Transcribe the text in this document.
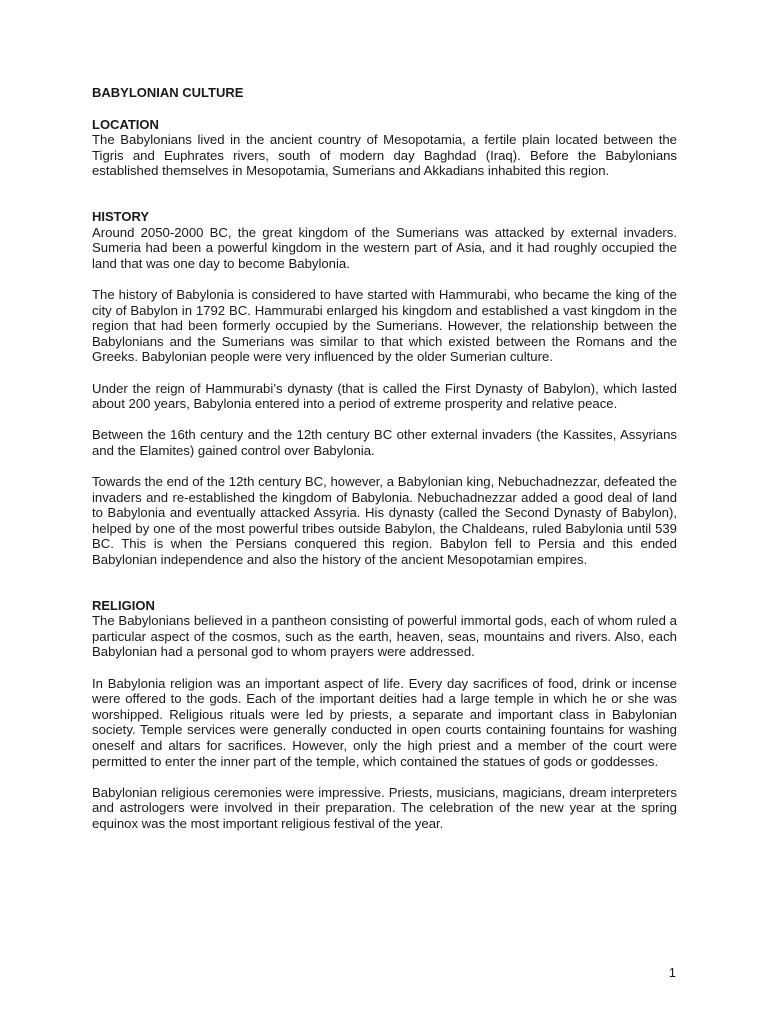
BABYLONIAN CULTURE
LOCATION

The Babylonians lived in the ancient country of Mesopotamia, a fertile plain located between the Tigris and Euphrates rivers, south of modern day Baghdad (Iraq). Before the Babylonians established themselves in Mesopotamia, Sumerians and Akkadians inhabited this region.

HISTORY

Around 2050-2000 BC, the great kingdom of the Sumerians was attacked by external invaders. Sumeria had been a powerful kingdom in the western part of Asia, and it had roughly occupied the land that was one day to become Babylonia.

The history of Babylonia is considered to have started with Hammurabi, who became the king of the city of Babylon in 1792 BC. Hammurabi enlarged his kingdom and established a vast kingdom in the region that had been formerly occupied by the Sumerians. However, the relationship between the Babylonians and the Sumerians was similar to that which existed between the Romans and the Greeks. Babylonian people were very influenced by the older Sumerian culture.

Under the reign of Hammurabi’s dynasty (that is called the First Dynasty of Babylon), which lasted about 200 years, Babylonia entered into a period of extreme prosperity and relative peace.

Between the 16th century and the 12th century BC other external invaders (the Kassites, Assyrians and the Elamites) gained control over Babylonia.

Towards the end of the 12th century BC, however, a Babylonian king, Nebuchadnezzar, defeated the invaders and re-established the kingdom of Babylonia. Nebuchadnezzar added a good deal of land to Babylonia and eventually attacked Assyria. His dynasty (called the Second Dynasty of Babylon), helped by one of the most powerful tribes outside Babylon, the Chaldeans, ruled Babylonia until 539 BC. This is when the Persians conquered this region. Babylon fell to Persia and this ended Babylonian independence and also the history of the ancient Mesopotamian empires.

RELIGION

The Babylonians believed in a pantheon consisting of powerful immortal gods, each of whom ruled a particular aspect of the cosmos, such as the earth, heaven, seas, mountains and rivers. Also, each Babylonian had a personal god to whom prayers were addressed.

In Babylonia religion was an important aspect of life. Every day sacrifices of food, drink or incense were offered to the gods. Each of the important deities had a large temple in which he or she was worshipped. Religious rituals were led by priests, a separate and important class in Babylonian society. Temple services were generally conducted in open courts containing fountains for washing oneself and altars for sacrifices. However, only the high priest and a member of the court were permitted to enter the inner part of the temple, which contained the statues of gods or goddesses.

Babylonian religious ceremonies were impressive. Priests, musicians, magicians, dream interpreters and astrologers were involved in their preparation. The celebration of the new year at the spring equinox was the most important religious festival of the year.

1
